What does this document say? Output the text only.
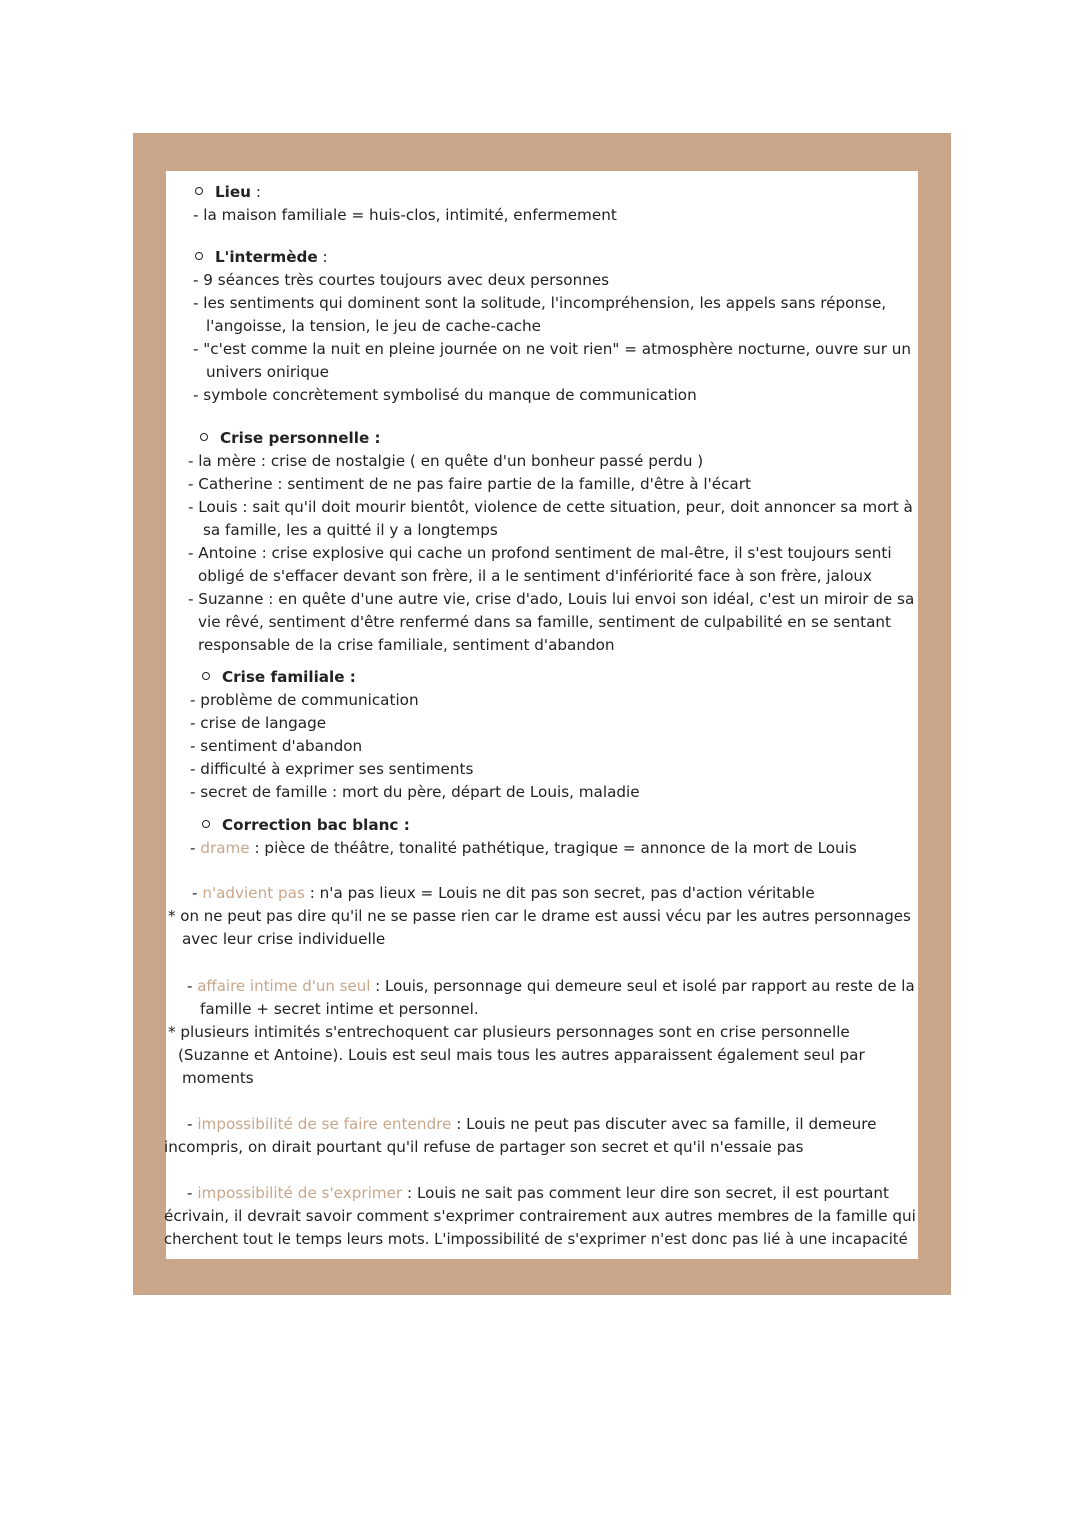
Lieu :
- la maison familiale = huis-clos, intimité, enfermement
L'intermède :
- 9 séances très courtes toujours avec deux personnes
- les sentiments qui dominent sont la solitude, l'incompréhension, les appels sans réponse,
l'angoisse, la tension, le jeu de cache-cache
- "c'est comme la nuit en pleine journée on ne voit rien" = atmosphère nocturne, ouvre sur un
univers onirique
- symbole concrètement symbolisé du manque de communication
Crise personnelle :
- la mère : crise de nostalgie ( en quête d'un bonheur passé perdu )
- Catherine : sentiment de ne pas faire partie de la famille, d'être à l'écart
- Louis : sait qu'il doit mourir bientôt, violence de cette situation, peur, doit annoncer sa mort à
sa famille, les a quitté il y a longtemps
- Antoine : crise explosive qui cache un profond sentiment de mal-être, il s'est toujours senti
obligé de s'effacer devant son frère, il a le sentiment d'infériorité face à son frère, jaloux
- Suzanne : en quête d'une autre vie, crise d'ado, Louis lui envoi son idéal, c'est un miroir de sa
vie rêvé, sentiment d'être renfermé dans sa famille, sentiment de culpabilité en se sentant
responsable de la crise familiale, sentiment d'abandon
Crise familiale :
- problème de communication
- crise de langage
- sentiment d'abandon
- difficulté à exprimer ses sentiments
- secret de famille : mort du père, départ de Louis, maladie
Correction bac blanc :
- drame : pièce de théâtre, tonalité pathétique, tragique = annonce de la mort de Louis
- n'advient pas : n'a pas lieux = Louis ne dit pas son secret, pas d'action véritable
* on ne peut pas dire qu'il ne se passe rien car le drame est aussi vécu par les autres personnages
avec leur crise individuelle
- affaire intime d'un seul : Louis, personnage qui demeure seul et isolé par rapport au reste de la
famille + secret intime et personnel.
* plusieurs intimités s'entrechoquent car plusieurs personnages sont en crise personnelle
(Suzanne et Antoine). Louis est seul mais tous les autres apparaissent également seul par
moments
- impossibilité de se faire entendre : Louis ne peut pas discuter avec sa famille, il demeure
incompris, on dirait pourtant qu'il refuse de partager son secret et qu'il n'essaie pas
- impossibilité de s'exprimer : Louis ne sait pas comment leur dire son secret, il est pourtant
écrivain, il devrait savoir comment s'exprimer contrairement aux autres membres de la famille qui
cherchent tout le temps leurs mots. L'impossibilité de s'exprimer n'est donc pas lié à une incapacité
